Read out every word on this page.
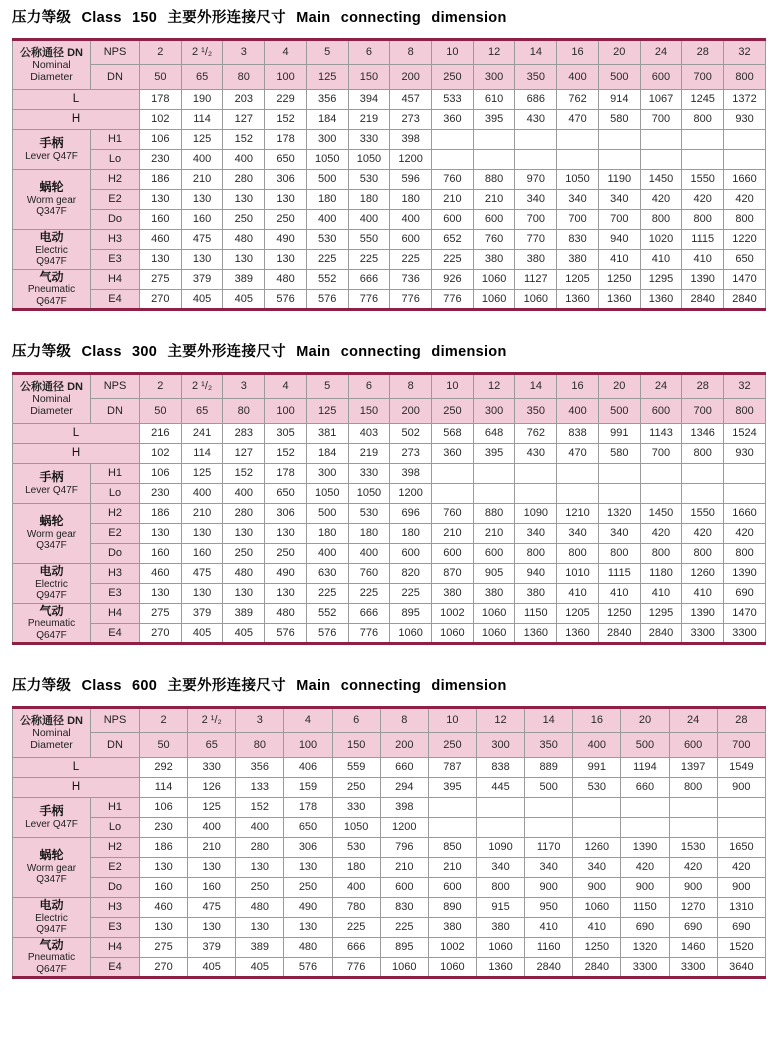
压力等级 Class 150 主要外形连接尺寸 Main connecting dimension
公称通径 DN
Nominal
Diameter	NPS	2	2 ¹/₂	3	4	5	6	8	10	12	14	16	20	24	28	32
	DN	50	65	80	100	125	150	200	250	300	350	400	500	600	700	800
L		178	190	203	229	356	394	457	533	610	686	762	914	1067	1245	1372
H		102	114	127	152	184	219	273	360	395	430	470	580	700	800	930

手柄
Lever Q47F	H1	106	125	152	178	300	330	398								
	Lo	230	400	400	650	1050	1050	1200								

蜗轮
Worm gear
Q347F	H2	186	210	280	306	500	530	596	760	880	970	1050	1190	1450	1550	1660
	E2	130	130	130	130	180	180	180	210	210	340	340	340	420	420	420
	Do	160	160	250	250	400	400	400	600	600	700	700	700	800	800	800

电动
Electric
Q947F	H3	460	475	480	490	530	550	600	652	760	770	830	940	1020	1115	1220
	E3	130	130	130	130	225	225	225	225	380	380	380	410	410	410	650

气动
Pneumatic
Q647F	H4	275	379	389	480	552	666	736	926	1060	1127	1205	1250	1295	1390	1470
	E4	270	405	405	576	576	776	776	776	1060	1060	1360	1360	1360	2840	2840
压力等级 Class 300 主要外形连接尺寸 Main connecting dimension
公称通径 DN
Nominal
Diameter	NPS	2	2 ¹/₂	3	4	5	6	8	10	12	14	16	20	24	28	32
	DN	50	65	80	100	125	150	200	250	300	350	400	500	600	700	800
L		216	241	283	305	381	403	502	568	648	762	838	991	1143	1346	1524
H		102	114	127	152	184	219	273	360	395	430	470	580	700	800	930

手柄
Lever Q47F	H1	106	125	152	178	300	330	398								
	Lo	230	400	400	650	1050	1050	1200								

蜗轮
Worm gear
Q347F	H2	186	210	280	306	500	530	696	760	880	1090	1210	1320	1450	1550	1660
	E2	130	130	130	130	180	180	180	210	210	340	340	340	420	420	420
	Do	160	160	250	250	400	400	600	600	600	800	800	800	800	800	800

电动
Electric
Q947F	H3	460	475	480	490	630	760	820	870	905	940	1010	1115	1180	1260	1390
	E3	130	130	130	130	225	225	225	380	380	380	410	410	410	410	690

气动
Pneumatic
Q647F	H4	275	379	389	480	552	666	895	1002	1060	1150	1205	1250	1295	1390	1470
	E4	270	405	405	576	576	776	1060	1060	1060	1360	1360	2840	2840	3300	3300
压力等级 Class 600 主要外形连接尺寸 Main connecting dimension
公称通径 DN
Nominal
Diameter	NPS	2	2 ¹/₂	3	4	6	8	10	12	14	16	20	24	28
	DN	50	65	80	100	150	200	250	300	350	400	500	600	700
L		292	330	356	406	559	660	787	838	889	991	1194	1397	1549
H		114	126	133	159	250	294	395	445	500	530	660	800	900

手柄
Lever Q47F	H1	106	125	152	178	330	398							
	Lo	230	400	400	650	1050	1200							

蜗轮
Worm gear
Q347F	H2	186	210	280	306	530	796	850	1090	1170	1260	1390	1530	1650
	E2	130	130	130	130	180	210	210	340	340	340	420	420	420
	Do	160	160	250	250	400	600	600	800	900	900	900	900	900

电动
Electric
Q947F	H3	460	475	480	490	780	830	890	915	950	1060	1150	1270	1310
	E3	130	130	130	130	225	225	380	380	410	410	690	690	690

气动
Pneumatic
Q647F	H4	275	379	389	480	666	895	1002	1060	1160	1250	1320	1460	1520
	E4	270	405	405	576	776	1060	1060	1360	2840	2840	3300	3300	3640
